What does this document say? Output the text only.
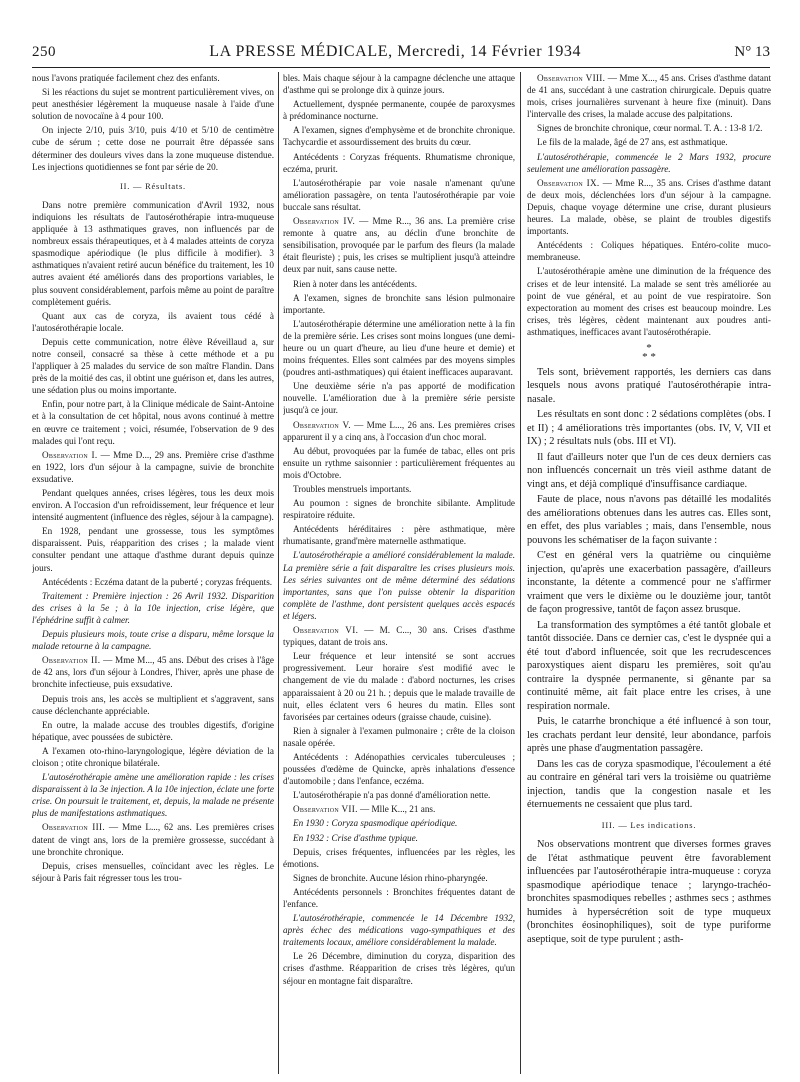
250	LA PRESSE MÉDICALE, Mercredi, 14 Février 1934	N° 13

nous l'avons pratiquée facilement chez des enfants.

Si les réactions du sujet se montrent particulièrement vives, on peut anesthésier légèrement la muqueuse nasale à l'aide d'une solution de novocaïne à 4 pour 100.

On injecte 2/10, puis 3/10, puis 4/10 et 5/10 de centimètre cube de sérum ; cette dose ne pourrait être dépassée sans déterminer des douleurs vives dans la zone muqueuse distendue. Les injections quotidiennes se font par série de 20.

II. — Résultats.

Dans notre première communication d'Avril 1932, nous indiquions les résultats de l'autosérothérapie intra-muqueuse appliquée à 13 asthmatiques graves, non influencés par de nombreux essais thérapeutiques, et à 4 malades atteints de coryza spasmodique apériodique (le plus difficile à modifier). 3 asthmatiques n'avaient retiré aucun bénéfice du traitement, les 10 autres avaient été améliorés dans des proportions variables, le plus souvent considérablement, parfois même au point de paraître complètement guéris.

Quant aux cas de coryza, ils avaient tous cédé à l'autosérothérapie locale.

Depuis cette communication, notre élève Réveillaud a, sur notre conseil, consacré sa thèse à cette méthode et a pu l'appliquer à 25 malades du service de son maître Flandin. Dans près de la moitié des cas, il obtint une guérison et, dans les autres, une sédation plus ou moins importante.

Enfin, pour notre part, à la Clinique médicale de Saint-Antoine et à la consultation de cet hôpital, nous avons continué à mettre en œuvre ce traitement ; voici, résumée, l'observation de 9 des malades qui l'ont reçu.

Observation I. — Mme D..., 29 ans. Première crise d'asthme en 1922, lors d'un séjour à la campagne, suivie de bronchite exsudative.

Pendant quelques années, crises légères, tous les deux mois environ. A l'occasion d'un refroidissement, leur fréquence et leur intensité augmentent (influence des règles, séjour à la campagne).

En 1928, pendant une grossesse, tous les symptômes disparaissent. Puis, réapparition des crises ; la malade vient consulter pendant une attaque d'asthme durant depuis quinze jours.

Antécédents : Eczéma datant de la puberté ; coryzas fréquents.

Traitement : Première injection : 26 Avril 1932. Disparition des crises à la 5e ; à la 10e injection, crise légère, que l'éphédrine suffit à calmer.

Depuis plusieurs mois, toute crise a disparu, même lorsque la malade retourne à la campagne.

Observation II. — Mme M..., 45 ans. Début des crises à l'âge de 42 ans, lors d'un séjour à Londres, l'hiver, après une phase de bronchite infectieuse, puis exsudative.

Depuis trois ans, les accès se multiplient et s'aggravent, sans cause déclenchante appréciable.

En outre, la malade accuse des troubles digestifs, d'origine hépatique, avec poussées de subictère.

A l'examen oto-rhino-laryngologique, légère déviation de la cloison ; otite chronique bilatérale.

L'autosérothérapie amène une amélioration rapide : les crises disparaissent à la 3e injection. A la 10e injection, éclate une forte crise. On poursuit le traitement, et, depuis, la malade ne présente plus de manifestations asthmatiques.

Observation III. — Mme L..., 62 ans. Les premières crises datent de vingt ans, lors de la première grossesse, succédant à une bronchite chronique.

Depuis, crises mensuelles, coïncidant avec les règles. Le séjour à Paris fait régresser tous les trou-

bles. Mais chaque séjour à la campagne déclenche une attaque d'asthme qui se prolonge dix à quinze jours.

Actuellement, dyspnée permanente, coupée de paroxysmes à prédominance nocturne.

A l'examen, signes d'emphysème et de bronchite chronique. Tachycardie et assourdissement des bruits du cœur.

Antécédents : Coryzas fréquents. Rhumatisme chronique, eczéma, prurit.

L'autosérothérapie par voie nasale n'amenant qu'une amélioration passagère, on tenta l'autosérothérapie par voie buccale sans résultat.

Observation IV. — Mme R..., 36 ans. La première crise remonte à quatre ans, au déclin d'une bronchite de sensibilisation, provoquée par le parfum des fleurs (la malade était fleuriste) ; puis, les crises se multiplient jusqu'à atteindre deux par nuit, sans cause nette.

Rien à noter dans les antécédents.

A l'examen, signes de bronchite sans lésion pulmonaire importante.

L'autosérothérapie détermine une amélioration nette à la fin de la première série. Les crises sont moins longues (une demi-heure ou un quart d'heure, au lieu d'une heure et demie) et moins fréquentes. Elles sont calmées par des moyens simples (poudres anti-asthmatiques) qui étaient inefficaces auparavant.

Une deuxième série n'a pas apporté de modification nouvelle. L'amélioration due à la première série persiste jusqu'à ce jour.

Observation V. — Mme L..., 26 ans. Les premières crises apparurent il y a cinq ans, à l'occasion d'un choc moral.

Au début, provoquées par la fumée de tabac, elles ont pris ensuite un rythme saisonnier : particulièrement fréquentes au mois d'Octobre.

Troubles menstruels importants.

Au poumon : signes de bronchite sibilante. Amplitude respiratoire réduite.

Antécédents héréditaires : père asthmatique, mère rhumatisante, grand'mère maternelle asthmatique.

L'autosérothérapie a amélioré considérablement la malade. La première série a fait disparaître les crises plusieurs mois. Les séries suivantes ont de même déterminé des sédations importantes, sans que l'on puisse obtenir la disparition complète de l'asthme, dont persistent quelques accès espacés et légers.

Observation VI. — M. C..., 30 ans. Crises d'asthme typiques, datant de trois ans.

Leur fréquence et leur intensité se sont accrues progressivement. Leur horaire s'est modifié avec le changement de vie du malade : d'abord nocturnes, les crises apparaissaient à 20 ou 21 h. ; depuis que le malade travaille de nuit, elles éclatent vers 6 heures du matin. Elles sont favorisées par certaines odeurs (graisse chaude, cuisine).

Rien à signaler à l'examen pulmonaire ; crête de la cloison nasale opérée.

Antécédents : Adénopathies cervicales tuberculeuses ; poussées d'œdème de Quincke, après inhalations d'essence d'automobile ; dans l'enfance, eczéma.

L'autosérothérapie n'a pas donné d'amélioration nette.

Observation VII. — Mlle K..., 21 ans.

En 1930 : Coryza spasmodique apériodique.

En 1932 : Crise d'asthme typique.

Depuis, crises fréquentes, influencées par les règles, les émotions.

Signes de bronchite. Aucune lésion rhino-pharyngée.

Antécédents personnels : Bronchites fréquentes datant de l'enfance.

L'autosérothérapie, commencée le 14 Décembre 1932, après échec des médications vago-sympathiques et des traitements locaux, améliore considérablement la malade.

Le 26 Décembre, diminution du coryza, disparition des crises d'asthme. Réapparition de crises très légères, qu'un séjour en montagne fait disparaître.

Observation VIII. — Mme X..., 45 ans. Crises d'asthme datant de 41 ans, succédant à une castration chirurgicale. Depuis quatre mois, crises journalières survenant à heure fixe (minuit). Dans l'intervalle des crises, la malade accuse des palpitations.

Signes de bronchite chronique, cœur normal. T. A. : 13-8 1/2.

Le fils de la malade, âgé de 27 ans, est asthmatique.

L'autosérothérapie, commencée le 2 Mars 1932, procure seulement une amélioration passagère.

Observation IX. — Mme R..., 35 ans. Crises d'asthme datant de deux mois, déclenchées lors d'un séjour à la campagne. Depuis, chaque voyage détermine une crise, durant plusieurs heures. La malade, obèse, se plaint de troubles digestifs importants.

Antécédents : Coliques hépatiques. Entéro-colite muco-membraneuse.

L'autosérothérapie amène une diminution de la fréquence des crises et de leur intensité. La malade se sent très améliorée au point de vue général, et au point de vue respiratoire. Son expectoration au moment des crises est beaucoup moindre. Les crises, très légères, cèdent maintenant aux poudres anti-asthmatiques, inefficaces avant l'autosérothérapie.

*
* *

Tels sont, brièvement rapportés, les derniers cas dans lesquels nous avons pratiqué l'autosérothérapie intra-nasale.

Les résultats en sont donc : 2 sédations complètes (obs. I et II) ; 4 améliorations très importantes (obs. IV, V, VII et IX) ; 2 résultats nuls (obs. III et VI).

Il faut d'ailleurs noter que l'un de ces deux derniers cas non influencés concernait un très vieil asthme datant de vingt ans, et déjà compliqué d'insuffisance cardiaque.

Faute de place, nous n'avons pas détaillé les modalités des améliorations obtenues dans les autres cas. Elles sont, en effet, des plus variables ; mais, dans l'ensemble, nous pouvons les schématiser de la façon suivante :

C'est en général vers la quatrième ou cinquième injection, qu'après une exacerbation passagère, d'ailleurs inconstante, la détente a commencé pour ne s'affirmer vraiment que vers le dixième ou le douzième jour, tantôt de façon progressive, tantôt de façon assez brusque.

La transformation des symptômes a été tantôt globale et tantôt dissociée. Dans ce dernier cas, c'est le dyspnée qui a été tout d'abord influencée, soit que les recrudescences paroxystiques aient disparu les premières, soit qu'au contraire la dyspnée permanente, si gênante par sa continuité même, ait fait place entre les crises, à une respiration normale.

Puis, le catarrhe bronchique a été influencé à son tour, les crachats perdant leur densité, leur abondance, parfois après une phase d'augmentation passagère.

Dans les cas de coryza spasmodique, l'écoulement a été au contraire en général tari vers la troisième ou quatrième injection, tandis que la congestion nasale et les éternuements ne cessaient que plus tard.

III. — Les indications.

Nos observations montrent que diverses formes graves de l'état asthmatique peuvent être favorablement influencées par l'autosérothérapie intra-muqueuse : coryza spasmodique apériodique tenace ; laryngo-trachéo-bronchites spasmodiques rebelles ; asthmes secs ; asthmes humides à hypersécrétion soit de type muqueux (bronchites éosinophiliques), soit de type puriforme aseptique, soit de type purulent ; asth-
